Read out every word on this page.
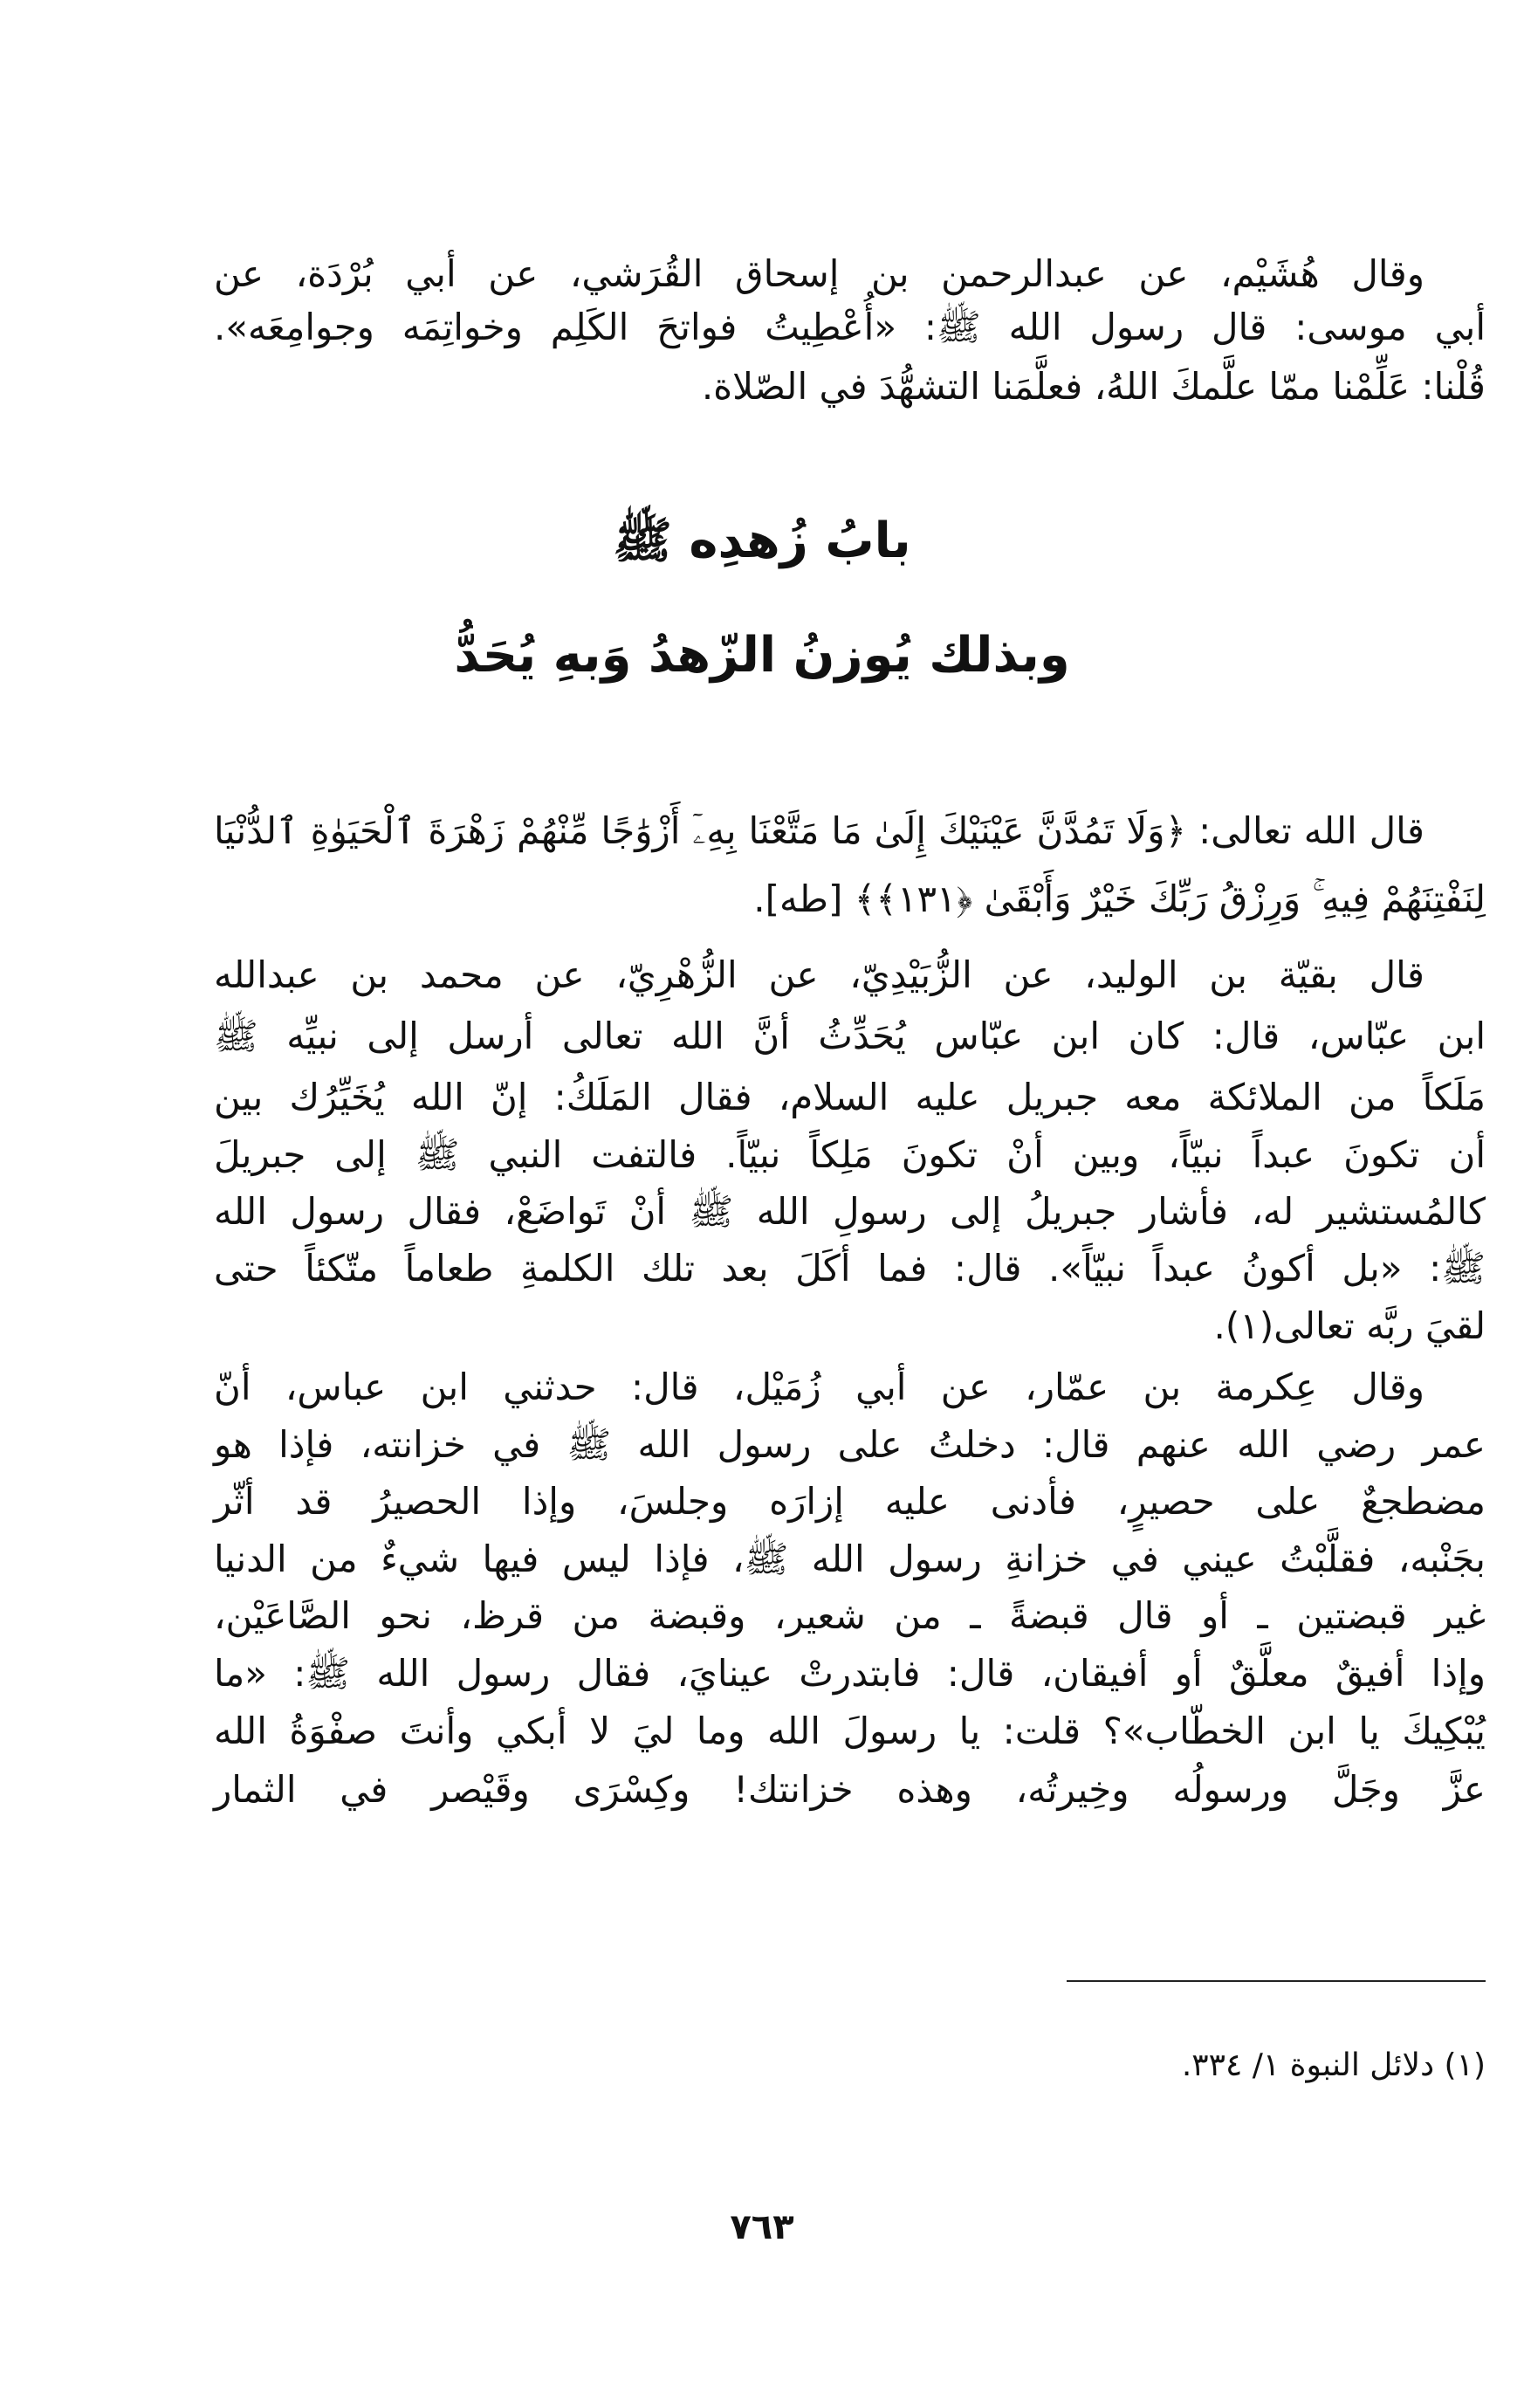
وقال هُشَيْم، عن عبدالرحمن بن إسحاق القُرَشي، عن أبي بُرْدَة، عن
أبي موسى: قال رسول الله ﷺ: «أُعْطِيتُ فواتحَ الكَلِم وخواتِمَه وجوامِعَه».
قُلْنا: عَلِّمْنا ممّا علَّمكَ اللهُ، فعلَّمَنا التشهُّدَ في الصّلاة.
بابُ زُهدِه ﷺ
وبذلك يُوزنُ الزّهدُ وَبهِ يُحَدُّ
قال الله تعالى: ﴿وَلَا تَمُدَّنَّ عَيْنَيْكَ إِلَىٰ مَا مَتَّعْنَا بِهِۦٓ أَزْوَٰجًا مِّنْهُمْ زَهْرَةَ ٱلْحَيَوٰةِ ٱلدُّنْيَا
لِنَفْتِنَهُمْ فِيهِ ۚ وَرِزْقُ رَبِّكَ خَيْرٌ وَأَبْقَىٰ ﴿١٣١﴾﴾ [طه].
قال بقيّة بن الوليد، عن الزُّبَيْدِيّ، عن الزُّهْرِيّ، عن محمد بن عبدالله
ابن عبّاس، قال: كان ابن عبّاس يُحَدِّثُ أنَّ الله تعالى أرسل إلى نبيِّه ﷺ
مَلَكاً من الملائكة معه جبريل عليه السلام، فقال المَلَكُ: إنّ الله يُخَيِّرُك بين
أن تكونَ عبداً نبيّاً، وبين أنْ تكونَ مَلِكاً نبيّاً. فالتفت النبي ﷺ إلى جبريلَ
كالمُستشير له، فأشار جبريلُ إلى رسولِ الله ﷺ أنْ تَواضَعْ، فقال رسول الله
ﷺ: «بل أكونُ عبداً نبيّاً». قال: فما أكَلَ بعد تلك الكلمةِ طعاماً متّكئاً حتى
لقيَ ربَّه تعالى(١).
وقال عِكرمة بن عمّار، عن أبي زُمَيْل، قال: حدثني ابن عباس، أنّ
عمر رضي الله عنهم قال: دخلتُ على رسول الله ﷺ في خزانته، فإذا هو
مضطجعٌ على حصيرٍ، فأدنى عليه إزارَه وجلسَ، وإذا الحصيرُ قد أثّر
بجَنْبه، فقلَّبْتُ عيني في خزانةِ رسول الله ﷺ، فإذا ليس فيها شيءٌ من الدنيا
غير قبضتين ـ أو قال قبضةً ـ من شعير، وقبضة من قرظ، نحو الصَّاعَيْن،
وإذا أفيقٌ معلَّقٌ أو أفيقان، قال: فابتدرتْ عينايَ، فقال رسول الله ﷺ: «ما
يُبْكِيكَ يا ابن الخطّاب»؟ قلت: يا رسولَ الله وما ليَ لا أبكي وأنتَ صفْوَةُ الله
عزَّ وجَلَّ ورسولُه وخِيرتُه، وهذه خزانتك! وكِسْرَى وقَيْصر في الثمار
(١) دلائل النبوة ١/ ٣٣٤.
٧٦٣
